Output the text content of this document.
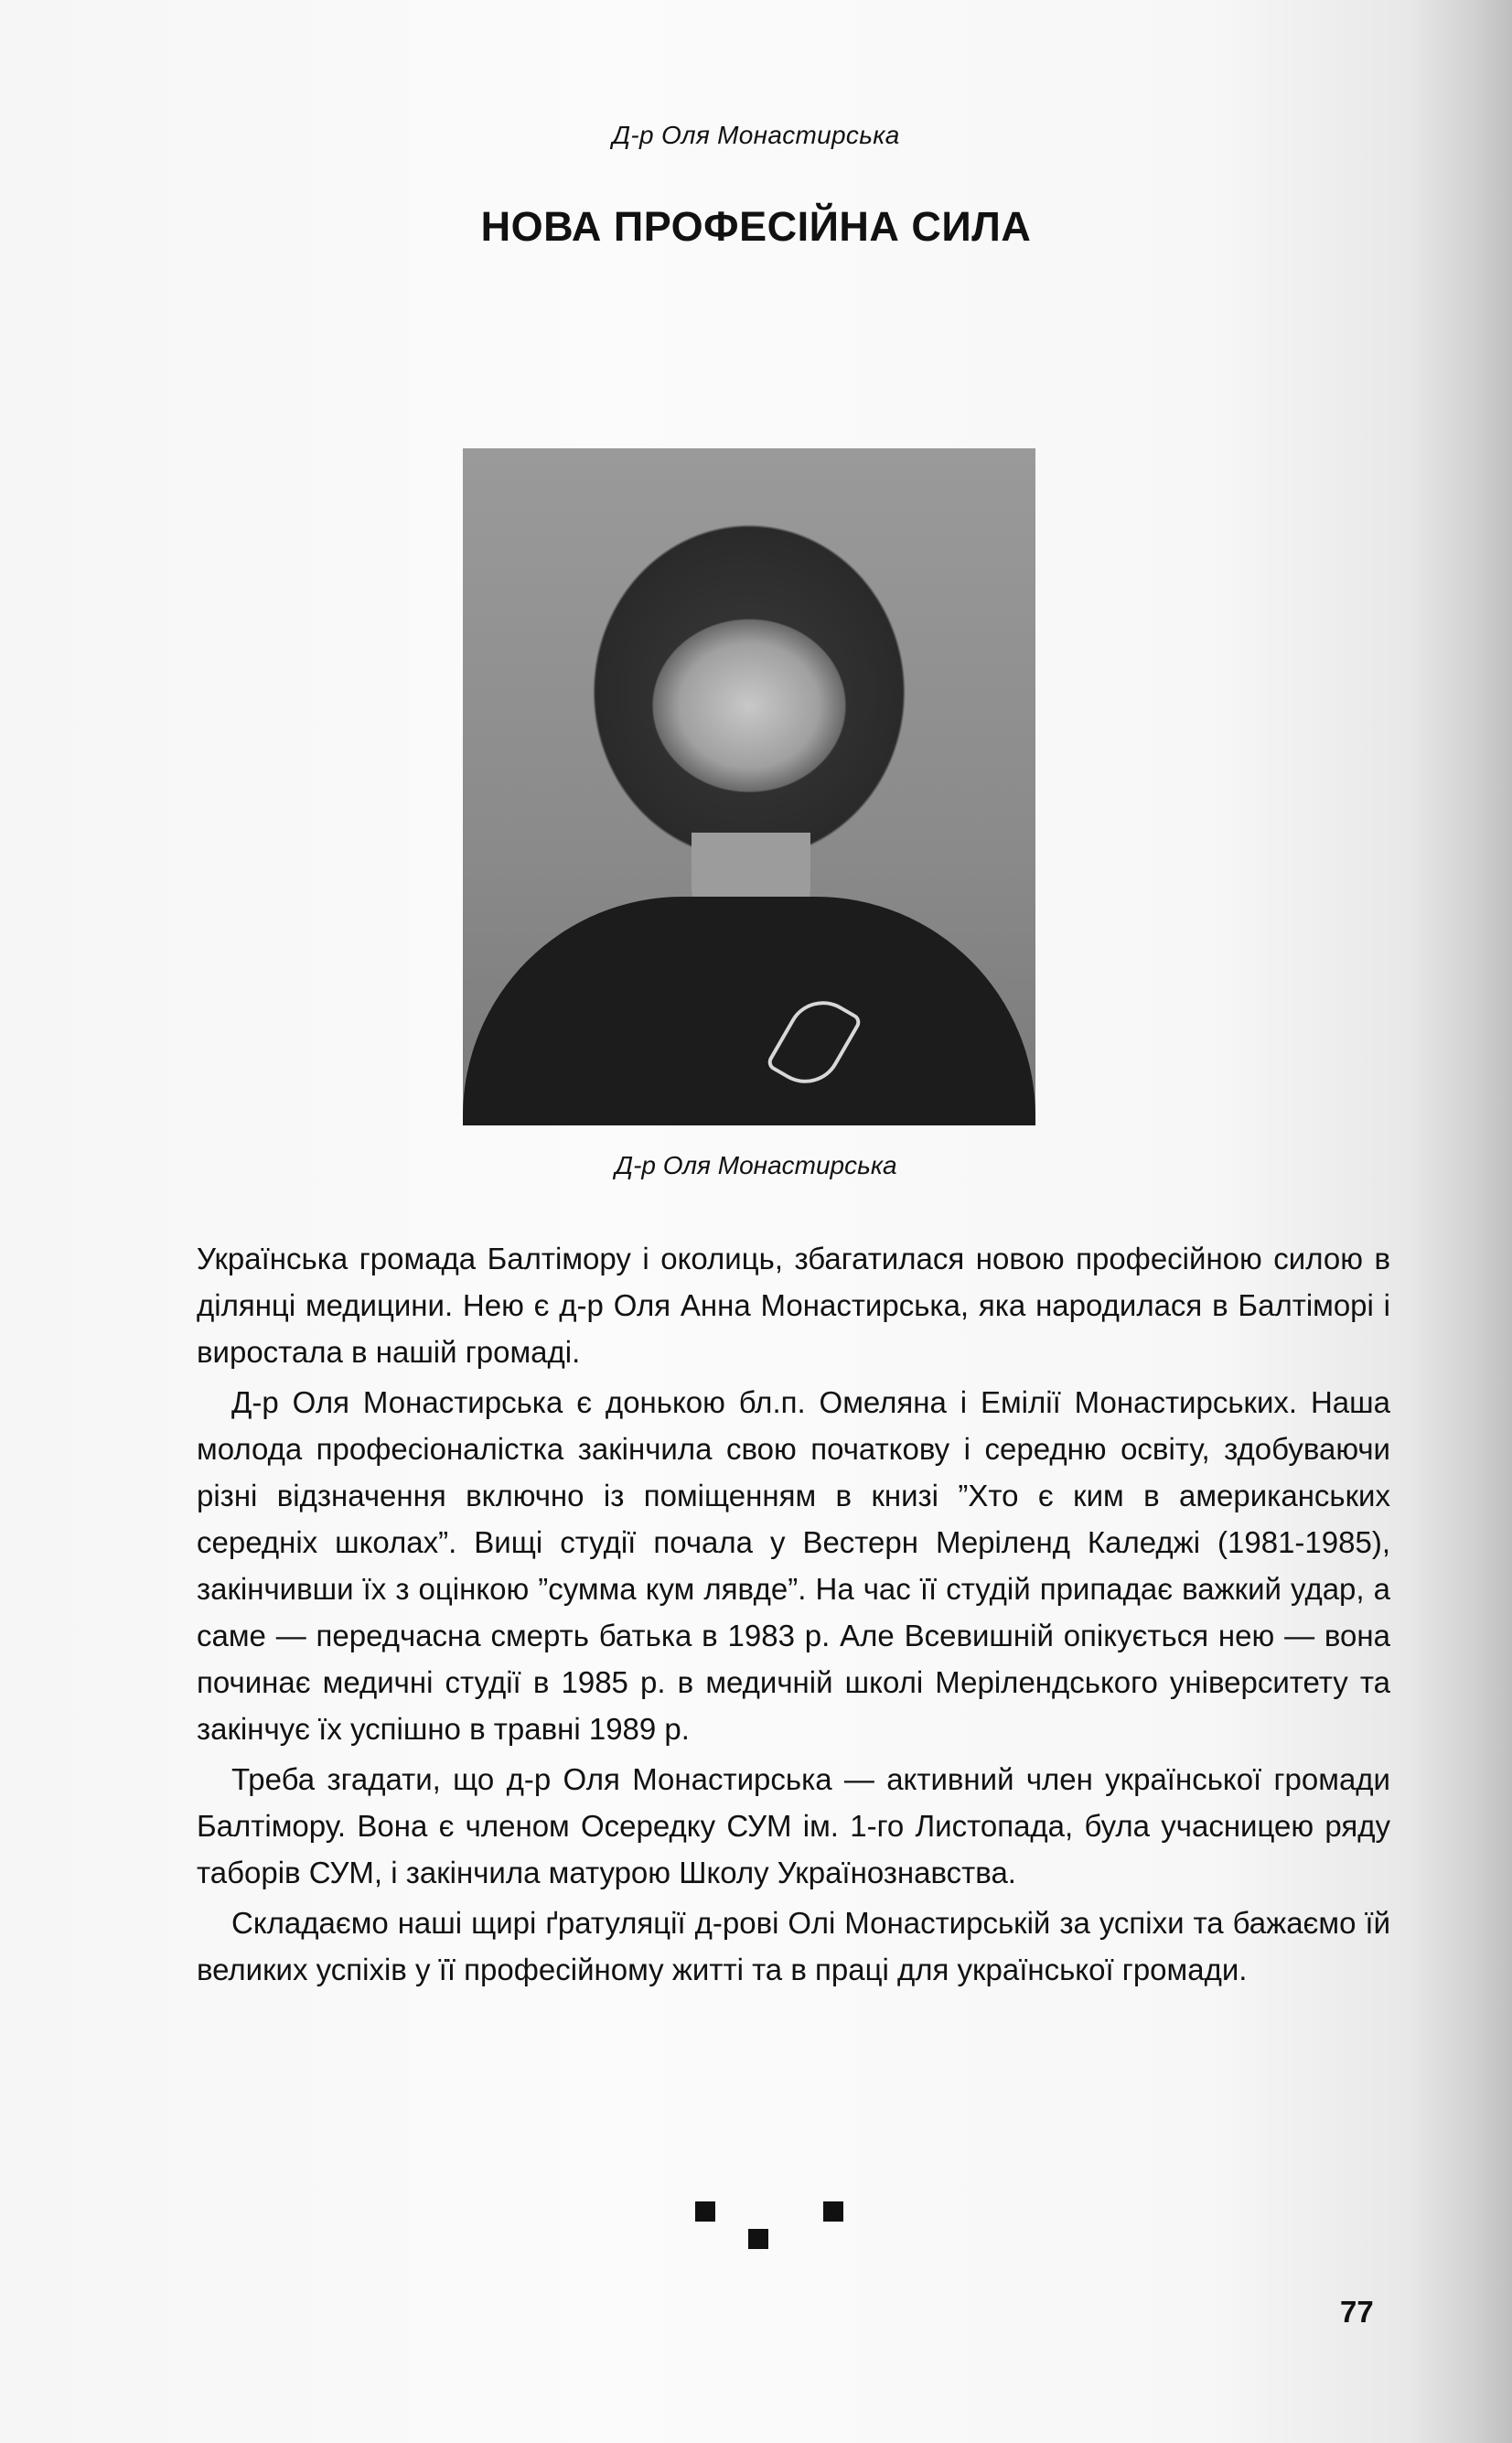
Д-р Оля Монастирська
НОВА ПРОФЕСІЙНА СИЛА
Д-р Оля Монастирська

Українська громада Балтімору і околиць, збагатилася новою професійною силою в ділянці медицини. Нею є д-р Оля Анна Монастирська, яка народилася в Балтіморі і виростала в нашій громаді.

Д-р Оля Монастирська є донькою бл.п. Омеляна і Емілії Монастирських. Наша молода професіоналістка закінчила свою початкову і середню освіту, здобуваючи різні відзначення включно із поміщенням в книзі ”Хто є ким в американських середніх школах”. Вищі студії почала у Вестерн Меріленд Каледжі (1981-1985), закінчивши їх з оцінкою ”сумма кум лявде”. На час її студій припадає важкий удар, а саме — передчасна смерть батька в 1983 р. Але Всевишній опікується нею — вона починає медичні студії в 1985 р. в медичній школі Мерілендського університету та закінчує їх успішно в травні 1989 р.

Треба згадати, що д-р Оля Монастирська — активний член української громади Балтімору. Вона є членом Осередку СУМ ім. 1-го Листопада, була учасницею ряду таборів СУМ, і закінчила матурою Школу Українознавства.

Складаємо наші щирі ґратуляції д-рові Олі Монастирській за успіхи та бажаємо їй великих успіхів у її професійному житті та в праці для української громади.

77
